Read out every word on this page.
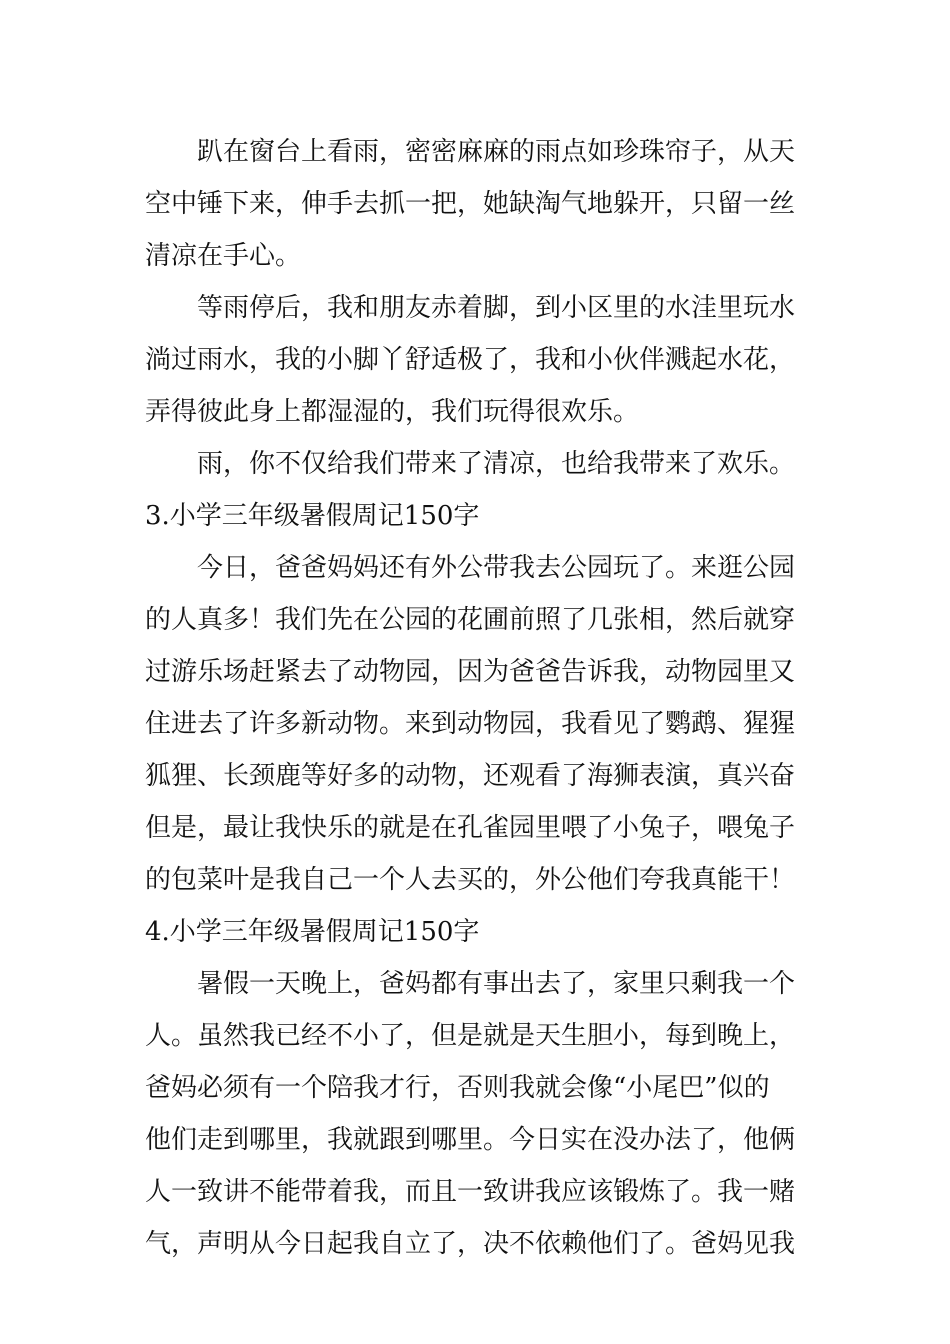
趴在窗台上看雨，密密麻麻的雨点如珍珠帘子，从天
空中锤下来，伸手去抓一把，她缺淘气地躲开，只留一丝
清凉在手心。
等雨停后，我和朋友赤着脚，到小区里的水洼里玩水
淌过雨水，我的小脚丫舒适极了，我和小伙伴溅起水花，
弄得彼此身上都湿湿的，我们玩得很欢乐。
雨，你不仅给我们带来了清凉，也给我带来了欢乐。
3.小学三年级暑假周记150字
今日，爸爸妈妈还有外公带我去公园玩了。来逛公园
的人真多！我们先在公园的花圃前照了几张相，然后就穿
过游乐场赶紧去了动物园，因为爸爸告诉我，动物园里又
住进去了许多新动物。来到动物园，我看见了鹦鹉、猩猩
狐狸、长颈鹿等好多的动物，还观看了海狮表演，真兴奋
但是，最让我快乐的就是在孔雀园里喂了小兔子，喂兔子
的包菜叶是我自己一个人去买的，外公他们夸我真能干！
4.小学三年级暑假周记150字
暑假一天晚上，爸妈都有事出去了，家里只剩我一个
人。虽然我已经不小了，但是就是天生胆小，每到晚上，
爸妈必须有一个陪我才行，否则我就会像“小尾巴”似的
他们走到哪里，我就跟到哪里。今日实在没办法了，他俩
人一致讲不能带着我，而且一致讲我应该锻炼了。我一赌
气，声明从今日起我自立了，决不依赖他们了。爸妈见我
